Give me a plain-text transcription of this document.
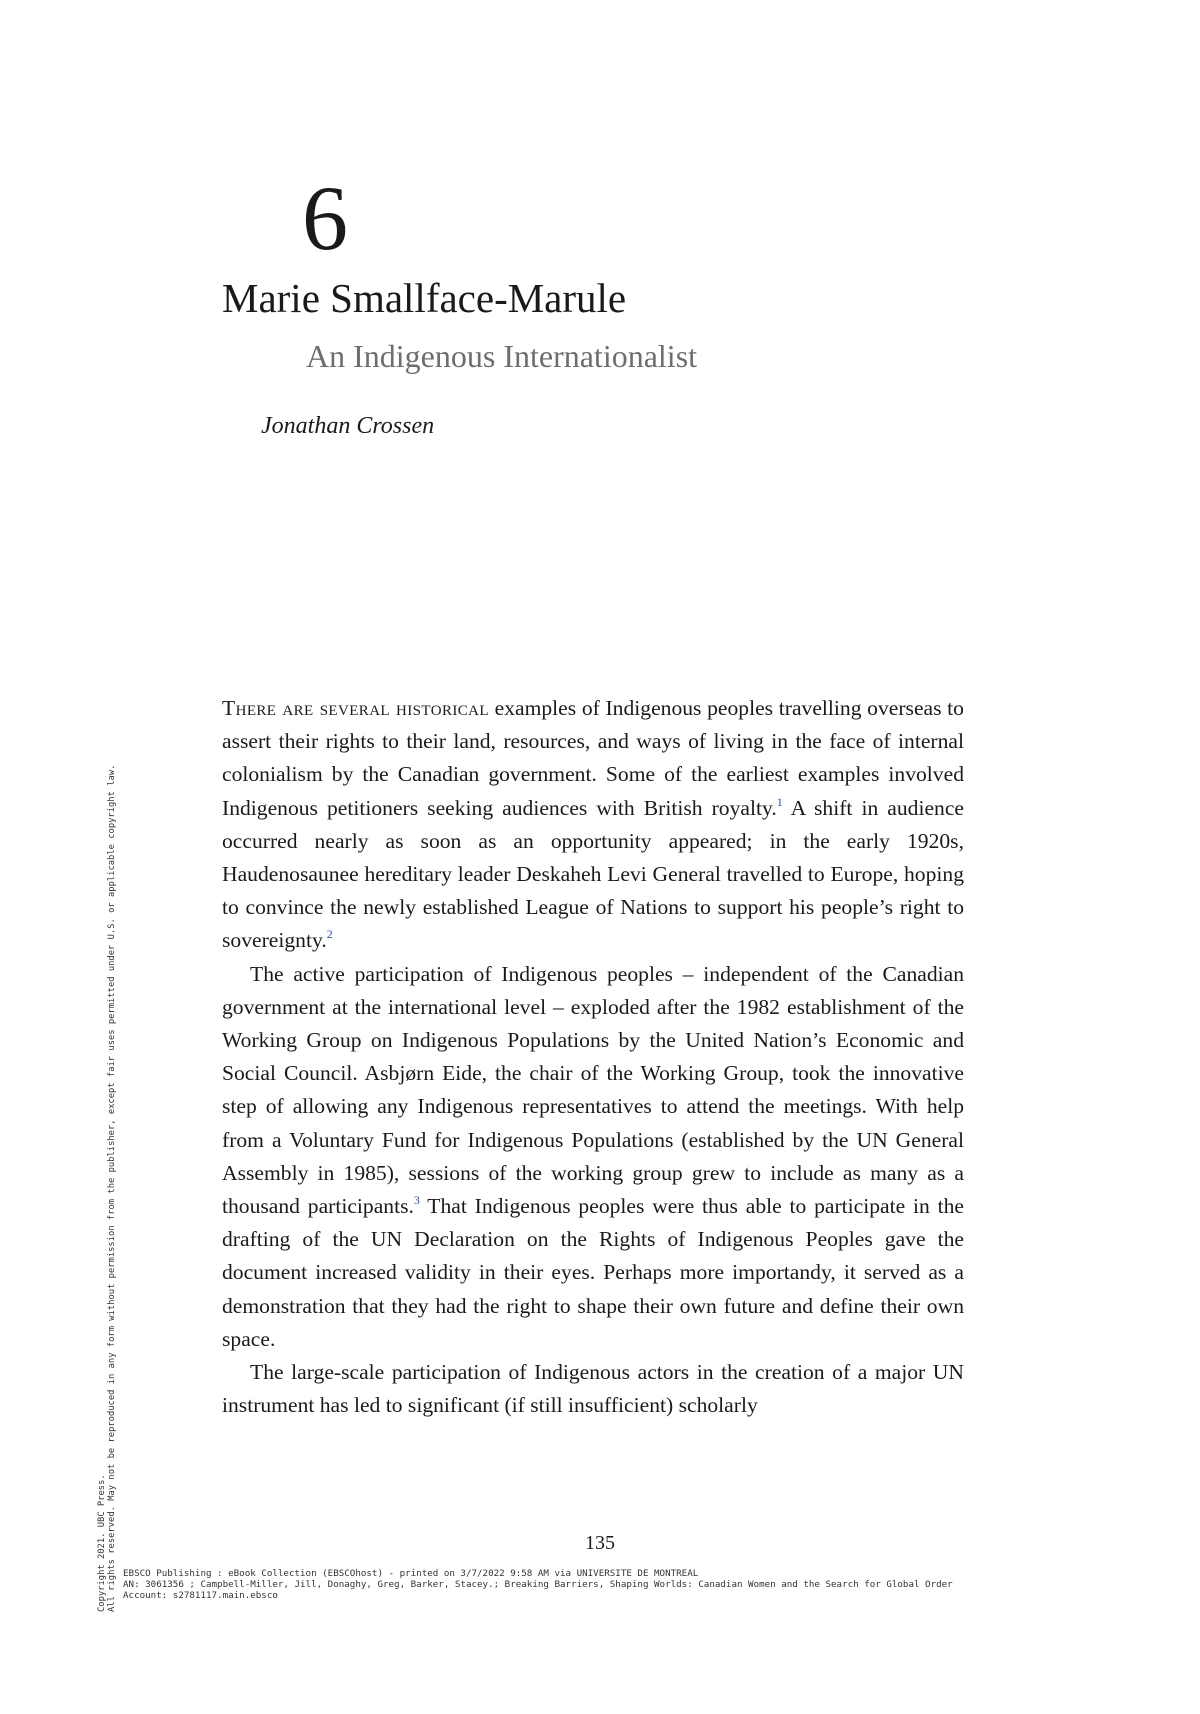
6
Marie Smallface-Marule
An Indigenous Internationalist
Jonathan Crossen

There are several historical examples of Indigenous peoples travelling overseas to assert their rights to their land, resources, and ways of living in the face of internal colonialism by the Canadian government. Some of the earliest examples involved Indigenous petitioners seeking audiences with British royalty.$^1$ A shift in audience occurred nearly as soon as an opportunity appeared; in the early 1920s, Haudenosaunee hereditary leader Deskaheh Levi General travelled to Europe, hoping to convince the newly established League of Nations to support his people’s right to sovereignty.$^2$

The active participation of Indigenous peoples – independent of the Canadian government at the international level – exploded after the 1982 establishment of the Working Group on Indigenous Populations by the United Nation’s Economic and Social Council. Asbjørn Eide, the chair of the Working Group, took the innovative step of allowing any Indigenous representatives to attend the meetings. With help from a Voluntary Fund for Indigenous Populations (established by the UN General Assembly in 1985), sessions of the working group grew to include as many as a thousand participants.$^3$ That Indigenous peoples were thus able to participate in the drafting of the UN Declaration on the Rights of Indigenous Peoples gave the document increased validity in their eyes. Perhaps more importandy, it served as a demonstration that they had the right to shape their own future and define their own space.

The large-scale participation of Indigenous actors in the creation of a major UN instrument has led to significant (if still insufficient) scholarly

135
EBSCO Publishing : eBook Collection (EBSCOhost) - printed on 3/7/2022 9:58 AM via UNIVERSITE DE MONTREAL
AN: 3061356 ; Campbell-Miller, Jill, Donaghy, Greg, Barker, Stacey.; Breaking Barriers, Shaping Worlds: Canadian Women and the Search for Global Order
Account: s2781117.main.ebsco
Copyright 2021. UBC Press. All rights reserved. May not be reproduced in any form without permission from the publisher, except fair uses permitted under U.S. or applicable copyright law.
